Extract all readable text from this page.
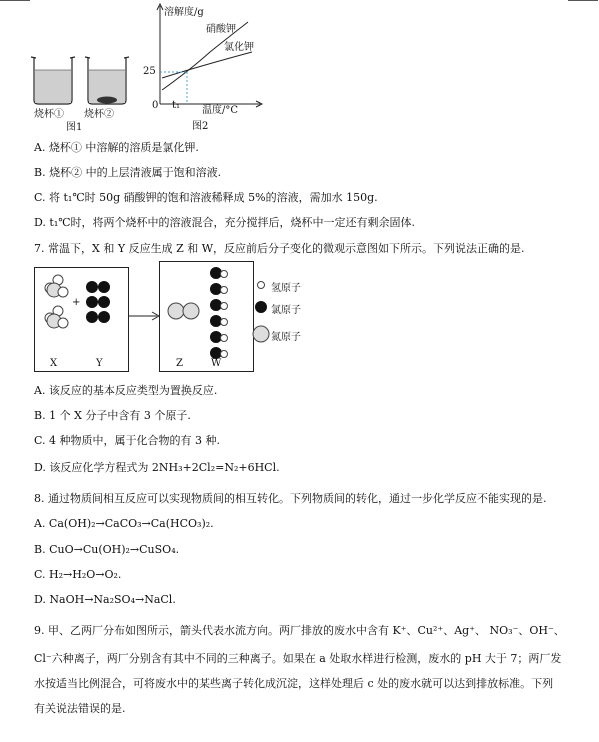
烧杯① 烧杯②
图1
溶解度/g
硝酸钾
氯化钾
25
0 t₁ 温度/°C
图2
A. 烧杯① 中溶解的溶质是氯化钾.
B. 烧杯② 中的上层清液属于饱和溶液.
C. 将 t₁℃时 50g 硝酸钾的饱和溶液稀释成 5%的溶液，需加水 150g.
D. t₁℃时，将两个烧杯中的溶液混合，充分搅拌后，烧杯中一定还有剩余固体.
7. 常温下，X 和 Y 反应生成 Z 和 W，反应前后分子变化的微观示意图如下所示。下列说法正确的是.
+
X	Y	Z	W
氢原子
氯原子
氮原子
A. 该反应的基本反应类型为置换反应.
B. 1 个 X 分子中含有 3 个原子.
C. 4 种物质中，属于化合物的有 3 种.
D. 该反应化学方程式为 2NH₃+2Cl₂=N₂+6HCl.
8. 通过物质间相互反应可以实现物质间的相互转化。下列物质间的转化，通过一步化学反应不能实现的是.
A. Ca(OH)₂→CaCO₃→Ca(HCO₃)₂.
B. CuO→Cu(OH)₂→CuSO₄.
C. H₂→H₂O→O₂.
D. NaOH→Na₂SO₄→NaCl.
9. 甲、乙两厂分布如图所示，箭头代表水流方向。两厂排放的废水中含有 K⁺、Cu²⁺、Ag⁺、 NO₃⁻、OH⁻、
Cl⁻六种离子，两厂分别含有其中不同的三种离子。如果在 a 处取水样进行检测，废水的 pH 大于 7；两厂发
水按适当比例混合，可将废水中的某些离子转化成沉淀，这样处理后 c 处的废水就可以达到排放标准。下列
有关说法错误的是.
